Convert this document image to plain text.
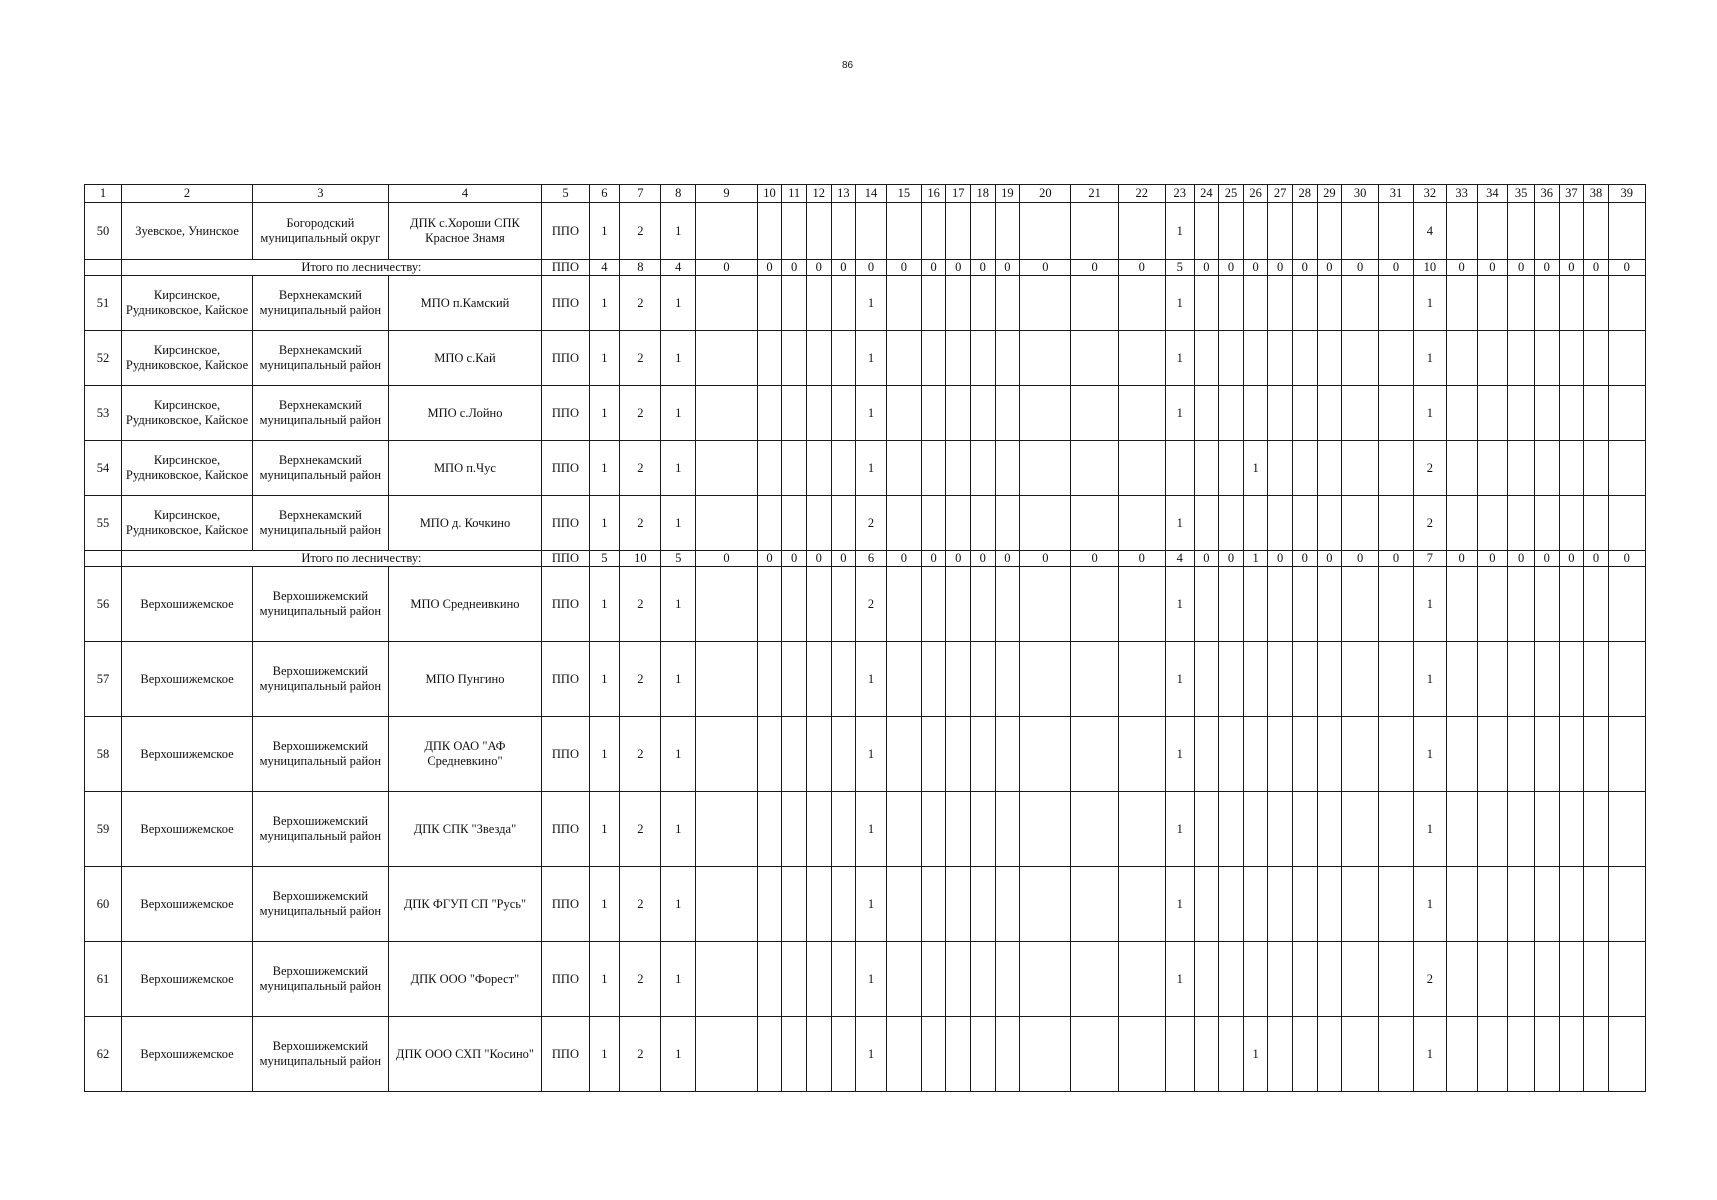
86
1	2	3	4	5	6	7	8	9	10	11	12	13	14	15	16	17	18	19	20	21	22	23	24	25	26	27	28	29	30	31	32	33	34	35	36	37	38	39
50	Зуевское, Унинское	Богородский муниципальный округ	ДПК с.Хороши СПК Красное Знамя	ППО	1	2	1															1									4							
	Итого по лесничеству:			ППО	4	8	4	0	0	0	0	0	0	0	0	0	0	0	0	0	0	5	0	0	0	0	0	0	0	0	10	0	0	0	0	0	0	0
51	Кирсинское, Рудниковское, Кайское	Верхнекамский муниципальный район	МПО п.Камский	ППО	1	2	1						1									1									1							
52	Кирсинское, Рудниковское, Кайское	Верхнекамский муниципальный район	МПО с.Кай	ППО	1	2	1						1									1									1							
53	Кирсинское, Рудниковское, Кайское	Верхнекамский муниципальный район	МПО с.Лойно	ППО	1	2	1						1									1									1							
54	Кирсинское, Рудниковское, Кайское	Верхнекамский муниципальный район	МПО п.Чус	ППО	1	2	1						1												1						2							
55	Кирсинское, Рудниковское, Кайское	Верхнекамский муниципальный район	МПО д. Кочкино	ППО	1	2	1						2									1									2							
	Итого по лесничеству:			ППО	5	10	5	0	0	0	0	0	6	0	0	0	0	0	0	0	0	4	0	0	1	0	0	0	0	0	7	0	0	0	0	0	0	0
56	Верхошижемское	Верхошижемский муниципальный район	МПО Среднеивкино	ППО	1	2	1						2									1									1							
57	Верхошижемское	Верхошижемский муниципальный район	МПО Пунгино	ППО	1	2	1						1									1									1							
58	Верхошижемское	Верхошижемский муниципальный район	ДПК ОАО "АФ Средневкино"	ППО	1	2	1						1									1									1							
59	Верхошижемское	Верхошижемский муниципальный район	ДПК СПК "Звезда"	ППО	1	2	1						1									1									1							
60	Верхошижемское	Верхошижемский муниципальный район	ДПК ФГУП СП "Русь"	ППО	1	2	1						1									1									1							
61	Верхошижемское	Верхошижемский муниципальный район	ДПК ООО "Форест"	ППО	1	2	1						1									1									2							
62	Верхошижемское	Верхошижемский муниципальный район	ДПК ООО СХП "Косино"	ППО	1	2	1						1												1						1							
